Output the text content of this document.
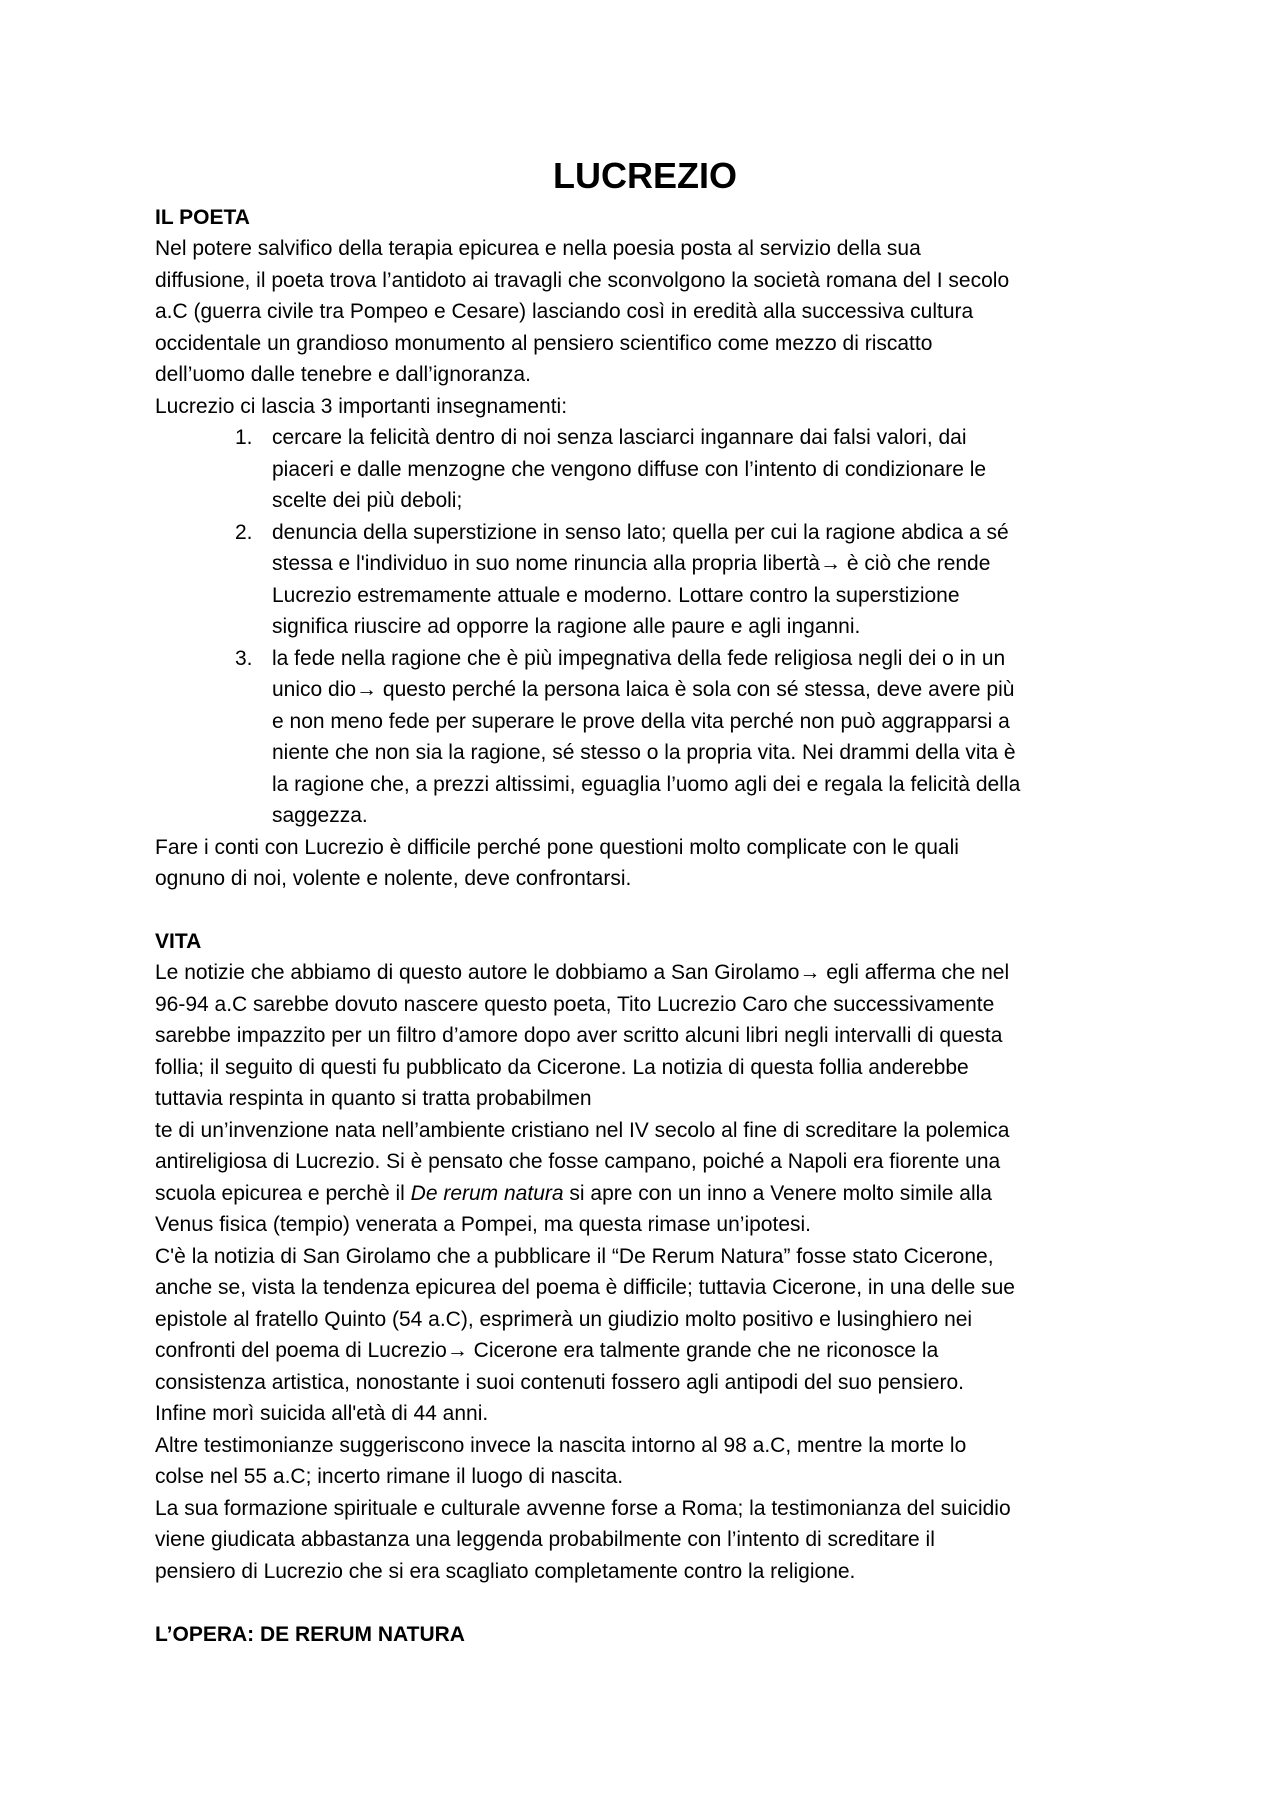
LUCREZIO
IL POETA
Nel potere salvifico della terapia epicurea e nella poesia posta al servizio della sua
diffusione, il poeta trova l’antidoto ai travagli che sconvolgono la società romana del I secolo
a.C (guerra civile tra Pompeo e Cesare) lasciando così in eredità alla successiva cultura
occidentale un grandioso monumento al pensiero scientifico come mezzo di riscatto
dell’uomo dalle tenebre e dall’ignoranza.
Lucrezio ci lascia 3 importanti insegnamenti:
1. cercare la felicità dentro di noi senza lasciarci ingannare dai falsi valori, dai
piaceri e dalle menzogne che vengono diffuse con l’intento di condizionare le
scelte dei più deboli;
2. denuncia della superstizione in senso lato; quella per cui la ragione abdica a sé
stessa e l'individuo in suo nome rinuncia alla propria libertà→ è ciò che rende
Lucrezio estremamente attuale e moderno. Lottare contro la superstizione
significa riuscire ad opporre la ragione alle paure e agli inganni.
3. la fede nella ragione che è più impegnativa della fede religiosa negli dei o in un
unico dio→ questo perché la persona laica è sola con sé stessa, deve avere più
e non meno fede per superare le prove della vita perché non può aggrapparsi a
niente che non sia la ragione, sé stesso o la propria vita. Nei drammi della vita è
la ragione che, a prezzi altissimi, eguaglia l’uomo agli dei e regala la felicità della
saggezza.
Fare i conti con Lucrezio è difficile perché pone questioni molto complicate con le quali
ognuno di noi, volente e nolente, deve confrontarsi.
VITA
Le notizie che abbiamo di questo autore le dobbiamo a San Girolamo→ egli afferma che nel
96-94 a.C sarebbe dovuto nascere questo poeta, Tito Lucrezio Caro che successivamente
sarebbe impazzito per un filtro d’amore dopo aver scritto alcuni libri negli intervalli di questa
follia; il seguito di questi fu pubblicato da Cicerone. La notizia di questa follia anderebbe
tuttavia respinta in quanto si tratta probabilmen
te di un’invenzione nata nell’ambiente cristiano nel IV secolo al fine di screditare la polemica
antireligiosa di Lucrezio. Si è pensato che fosse campano, poiché a Napoli era fiorente una
scuola epicurea e perchè il De rerum natura si apre con un inno a Venere molto simile alla
Venus fisica (tempio) venerata a Pompei, ma questa rimase un’ipotesi.
C'è la notizia di San Girolamo che a pubblicare il “De Rerum Natura” fosse stato Cicerone,
anche se, vista la tendenza epicurea del poema è difficile; tuttavia Cicerone, in una delle sue
epistole al fratello Quinto (54 a.C), esprimerà un giudizio molto positivo e lusinghiero nei
confronti del poema di Lucrezio→ Cicerone era talmente grande che ne riconosce la
consistenza artistica, nonostante i suoi contenuti fossero agli antipodi del suo pensiero.
Infine morì suicida all'età di 44 anni.
Altre testimonianze suggeriscono invece la nascita intorno al 98 a.C, mentre la morte lo
colse nel 55 a.C; incerto rimane il luogo di nascita.
La sua formazione spirituale e culturale avvenne forse a Roma; la testimonianza del suicidio
viene giudicata abbastanza una leggenda probabilmente con l’intento di screditare il
pensiero di Lucrezio che si era scagliato completamente contro la religione.
L’OPERA: DE RERUM NATURA
